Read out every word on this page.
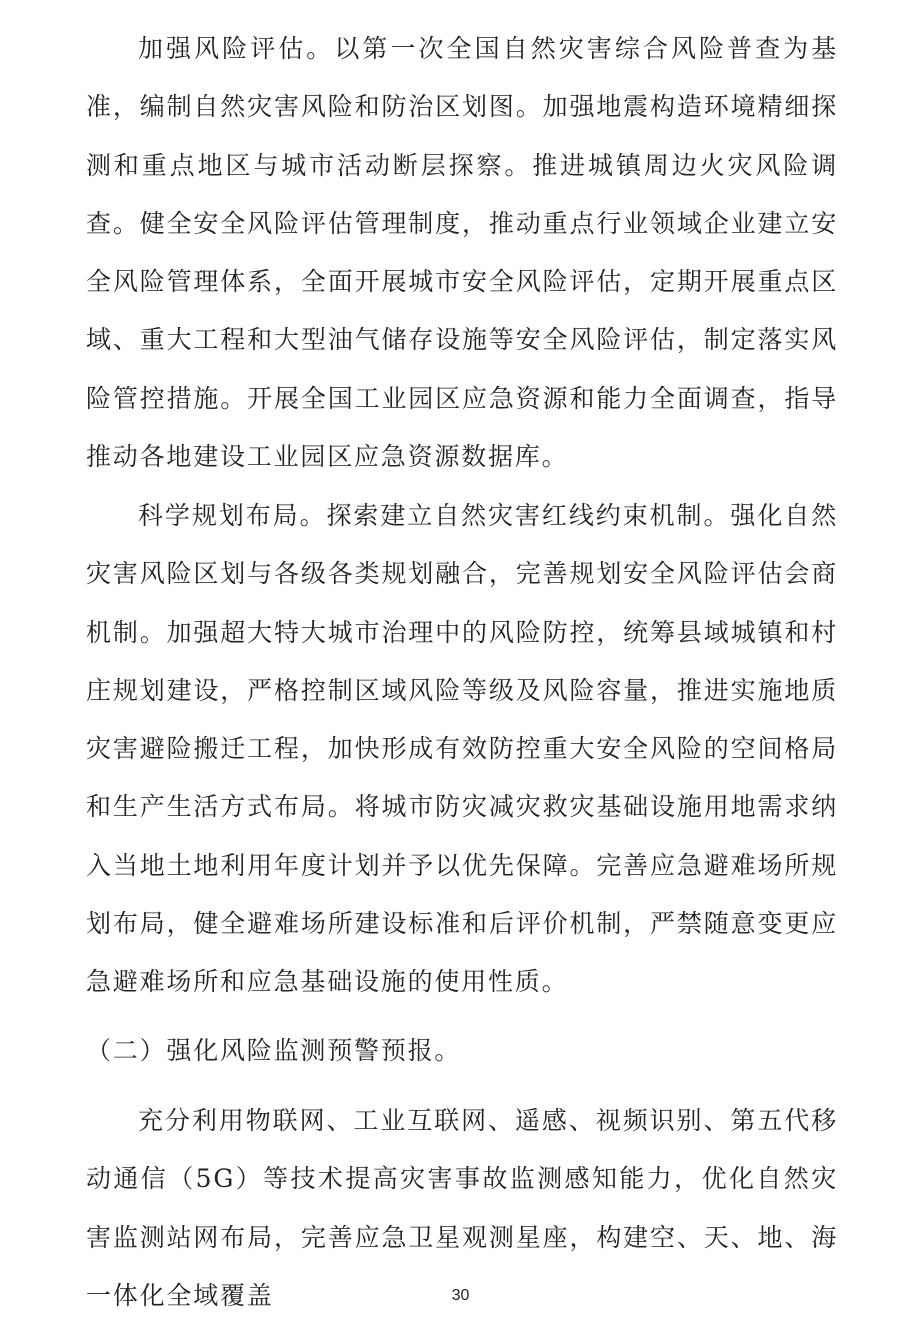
加强风险评估。以第一次全国自然灾害综合风险普查为基准，编制自然灾害风险和防治区划图。加强地震构造环境精细探测和重点地区与城市活动断层探察。推进城镇周边火灾风险调查。健全安全风险评估管理制度，推动重点行业领域企业建立安全风险管理体系，全面开展城市安全风险评估，定期开展重点区域、重大工程和大型油气储存设施等安全风险评估，制定落实风险管控措施。开展全国工业园区应急资源和能力全面调查，指导推动各地建设工业园区应急资源数据库。

科学规划布局。探索建立自然灾害红线约束机制。强化自然灾害风险区划与各级各类规划融合，完善规划安全风险评估会商机制。加强超大特大城市治理中的风险防控，统筹县域城镇和村庄规划建设，严格控制区域风险等级及风险容量，推进实施地质灾害避险搬迁工程，加快形成有效防控重大安全风险的空间格局和生产生活方式布局。将城市防灾减灾救灾基础设施用地需求纳入当地土地利用年度计划并予以优先保障。完善应急避难场所规划布局，健全避难场所建设标准和后评价机制，严禁随意变更应急避难场所和应急基础设施的使用性质。

（二）强化风险监测预警预报。

充分利用物联网、工业互联网、遥感、视频识别、第五代移动通信（5G）等技术提高灾害事故监测感知能力，优化自然灾害监测站网布局，完善应急卫星观测星座，构建空、天、地、海一体化全域覆盖	30
